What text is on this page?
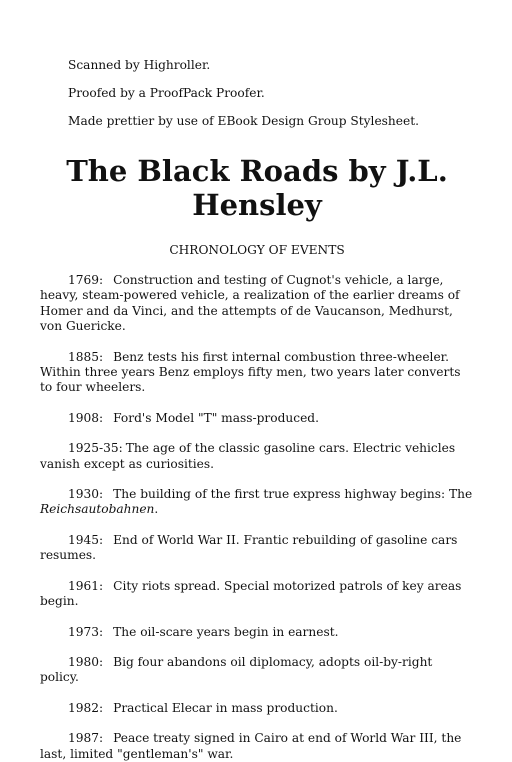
Scanned by Highroller.

Proofed by a ProofPack Proofer.

Made prettier by use of EBook Design Group Stylesheet.

The Black Roads by J.L.
Hensley

CHRONOLOGY OF EVENTS

1769: Construction and testing of Cugnot's vehicle, a large, heavy, steam-powered vehicle, a realization of the earlier dreams of Homer and da Vinci, and the attempts of de Vaucanson, Medhurst, von Guericke.

1885: Benz tests his first internal combustion three-wheeler. Within three years Benz employs fifty men, two years later converts to four wheelers.

1908: Ford's Model "T" mass-produced.

1925-35: The age of the classic gasoline cars. Electric vehicles vanish except as curiosities.

1930: The building of the first true express highway begins: The Reichsautobahnen.

1945: End of World War II. Frantic rebuilding of gasoline cars resumes.

1961: City riots spread. Special motorized patrols of key areas begin.

1973: The oil-scare years begin in earnest.

1980: Big four abandons oil diplomacy, adopts oil-by-right policy.

1982: Practical Elecar in mass production.

1987: Peace treaty signed in Cairo at end of World War III, the last, limited "gentleman's" war.
